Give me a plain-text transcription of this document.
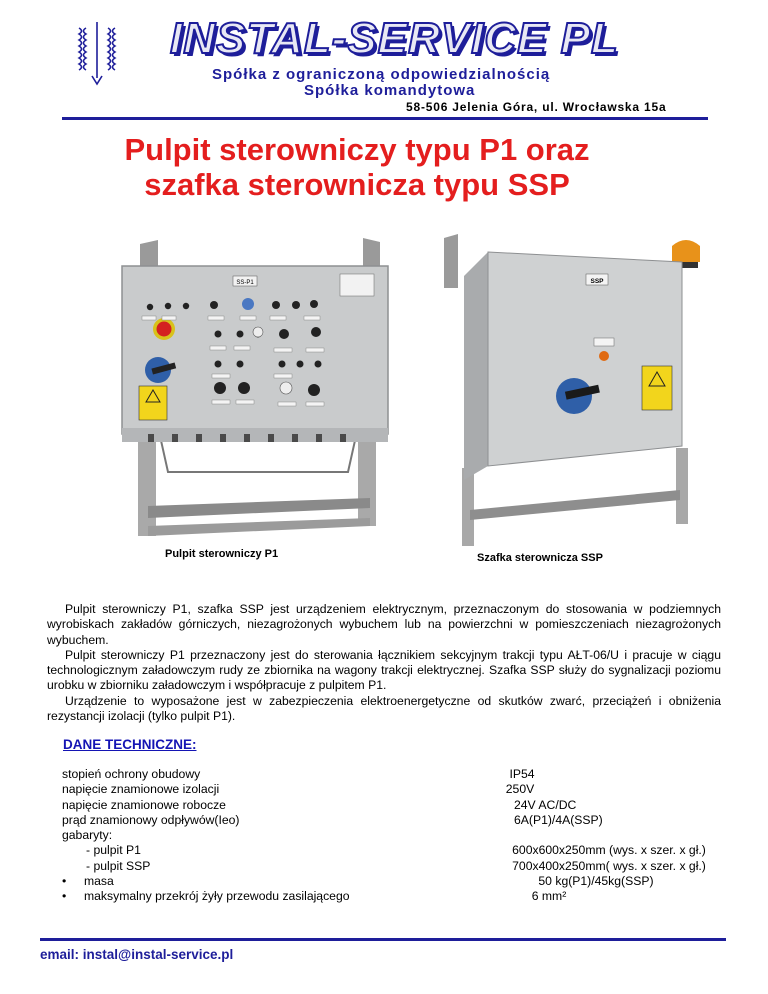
INSTAL-SERVICE PL
Spółka z ograniczoną odpowiedzialnością
Spółka komandytowa
58-506 Jelenia Góra, ul. Wrocławska 15a
Pulpit sterowniczy typu P1 oraz
szafka sterownicza typu SSP
SS-P1
Pulpit sterowniczy P1
SSP
Szafka sterownicza SSP

Pulpit sterowniczy P1, szafka SSP jest urządzeniem elektrycznym, przeznaczonym do stosowania w podziemnych wyrobiskach zakładów górniczych, niezagrożonych wybuchem lub na powierzchni w pomieszczeniach niezagrożonych wybuchem.

Pulpit sterowniczy P1 przeznaczony jest do sterowania łącznikiem sekcyjnym trakcji typu AŁT-06/U i pracuje w ciągu technologicznym załadowczym rudy ze zbiornika na wagony trakcji elektrycznej. Szafka SSP służy do sygnalizacji poziomu urobku w zbiorniku załadowczym i współpracuje z pulpitem P1.

Urządzenie to wyposażone jest w zabezpieczenia elektroenergetyczne od skutków zwarć, przeciążeń i obniżenia rezystancji izolacji (tylko pulpit P1).

DANE TECHNICZNE:
stopień ochrony obudowy	IP54
napięcie znamionowe izolacji	250V
napięcie znamionowe robocze	24V AC/DC
prąd znamionowy odpływów(Ieo)	6A(P1)/4A(SSP)
gabaryty:
- pulpit P1	600x600x250mm (wys. x szer. x gł.)
- pulpit SSP	700x400x250mm( wys. x szer. x gł.)
• masa	50 kg(P1)/45kg(SSP)
• maksymalny przekrój żyły przewodu zasilającego	6 mm²
email: instal@instal-service.pl
